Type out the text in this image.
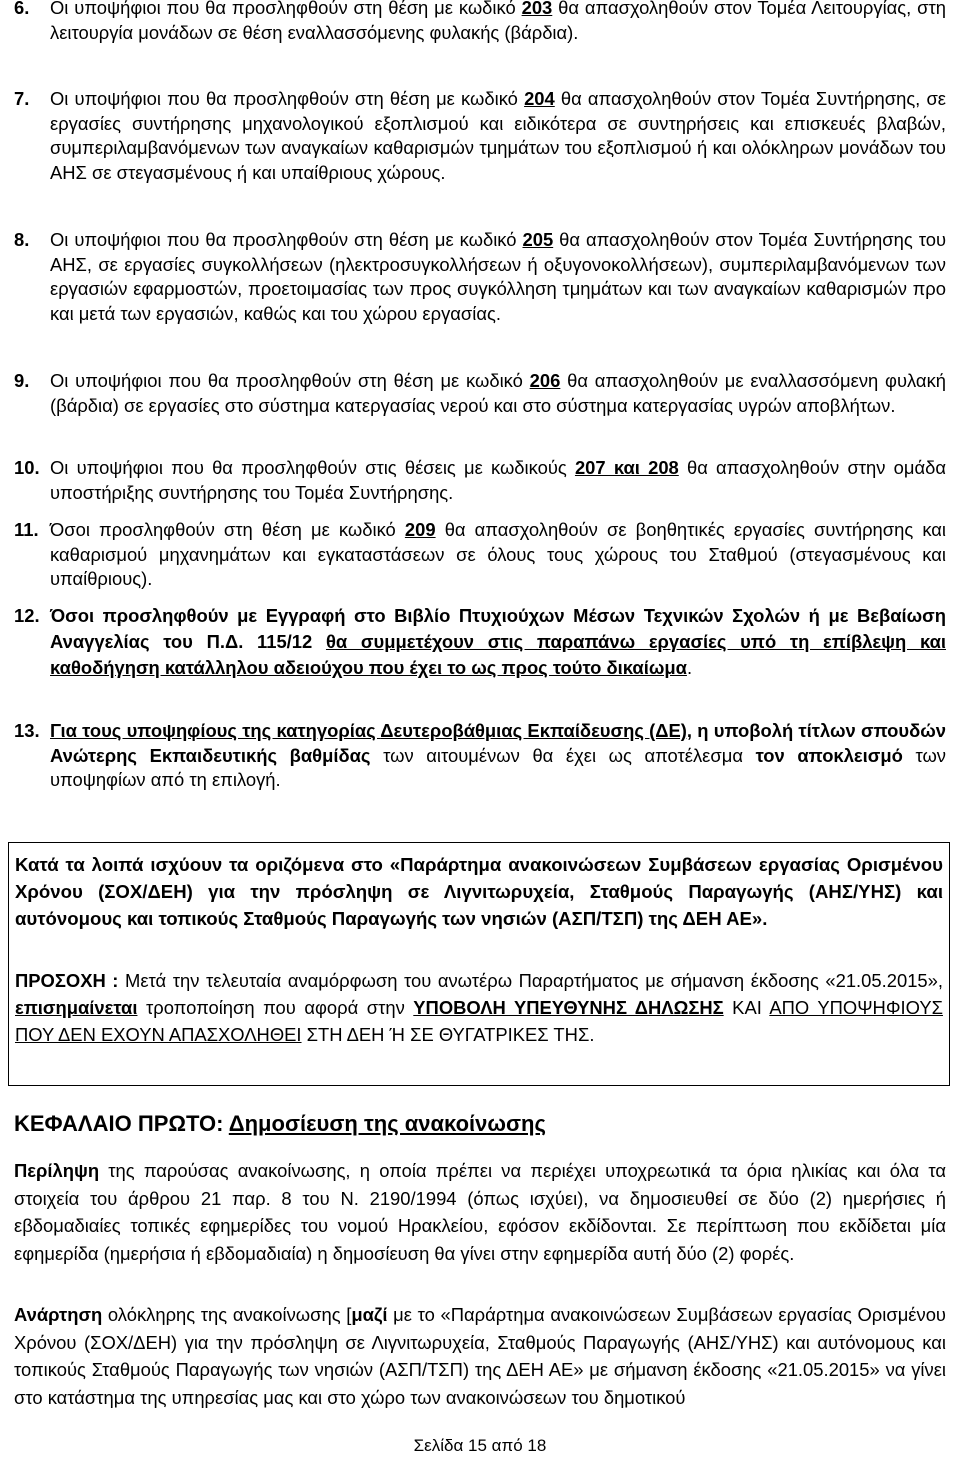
6. Οι υποψήφιοι που θα προσληφθούν στη θέση με κωδικό 203 θα απασχοληθούν στον Τομέα Λειτουργίας, στη λειτουργία μονάδων σε θέση εναλλασσόμενης φυλακής (βάρδια).
7. Οι υποψήφιοι που θα προσληφθούν στη θέση με κωδικό 204 θα απασχοληθούν στον Τομέα Συντήρησης, σε εργασίες συντήρησης μηχανολογικού εξοπλισμού και ειδικότερα σε συντηρήσεις και επισκευές βλαβών, συμπεριλαμβανόμενων των αναγκαίων καθαρισμών τμημάτων του εξοπλισμού ή και ολόκληρων μονάδων του ΑΗΣ σε στεγασμένους ή και υπαίθριους χώρους.
8. Οι υποψήφιοι που θα προσληφθούν στη θέση με κωδικό 205 θα απασχοληθούν στον Τομέα Συντήρησης του ΑΗΣ, σε εργασίες συγκολλήσεων (ηλεκτροσυγκολλήσεων ή οξυγονοκολλήσεων), συμπεριλαμβανόμενων των εργασιών εφαρμοστών, προετοιμασίας των προς συγκόλληση τμημάτων και των αναγκαίων καθαρισμών προ και μετά των εργασιών, καθώς και του χώρου εργασίας.
9. Οι υποψήφιοι που θα προσληφθούν στη θέση με κωδικό 206 θα απασχοληθούν με εναλλασσόμενη φυλακή (βάρδια) σε εργασίες στο σύστημα κατεργασίας νερού και στο σύστημα κατεργασίας υγρών αποβλήτων.
10. Οι υποψήφιοι που θα προσληφθούν στις θέσεις με κωδικούς 207 και 208 θα απασχοληθούν στην ομάδα υποστήριξης συντήρησης του Τομέα Συντήρησης.
11. Όσοι προσληφθούν στη θέση με κωδικό 209 θα απασχοληθούν σε βοηθητικές εργασίες συντήρησης και καθαρισμού μηχανημάτων και εγκαταστάσεων σε όλους τους χώρους του Σταθμού (στεγασμένους και υπαίθριους).
12. Όσοι προσληφθούν με Εγγραφή στο Βιβλίο Πτυχιούχων Μέσων Τεχνικών Σχολών ή με Βεβαίωση Αναγγελίας του Π.Δ. 115/12 θα συμμετέχουν στις παραπάνω εργασίες υπό τη επίβλεψη και καθοδήγηση κατάλληλου αδειούχου που έχει το ως προς τούτο δικαίωμα.
13. Για τους υποψηφίους της κατηγορίας Δευτεροβάθμιας Εκπαίδευσης (ΔΕ), η υποβολή τίτλων σπουδών Ανώτερης Εκπαιδευτικής βαθμίδας των αιτουμένων θα έχει ως αποτέλεσμα τον αποκλεισμό των υποψηφίων από τη επιλογή.
Κατά τα λοιπά ισχύουν τα οριζόμενα στο «Παράρτημα ανακοινώσεων Συμβάσεων εργασίας Ορισμένου Χρόνου (ΣΟΧ/ΔΕΗ) για την πρόσληψη σε Λιγνιτωρυχεία, Σταθμούς Παραγωγής (ΑΗΣ/ΥΗΣ) και αυτόνομους και τοπικούς Σταθμούς Παραγωγής των νησιών (ΑΣΠ/ΤΣΠ) της ΔΕΗ ΑΕ».
ΠΡΟΣΟΧΗ : Μετά την τελευταία αναμόρφωση του ανωτέρω Παραρτήματος με σήμανση έκδοσης «21.05.2015», επισημαίνεται τροποποίηση που αφορά στην ΥΠΟΒΟΛΗ ΥΠΕΥΘΥΝΗΣ ΔΗΛΩΣΗΣ ΚΑΙ ΑΠΟ ΥΠΟΨΗΦΙΟΥΣ ΠΟΥ ΔΕΝ ΕΧΟΥΝ ΑΠΑΣΧΟΛΗΘΕΙ ΣΤΗ ΔΕΗ Ή ΣΕ ΘΥΓΑΤΡΙΚΕΣ ΤΗΣ.
ΚΕΦΑΛΑΙΟ ΠΡΩΤΟ: Δημοσίευση της ανακοίνωσης
Περίληψη της παρούσας ανακοίνωσης, η οποία πρέπει να περιέχει υποχρεωτικά τα όρια ηλικίας και όλα τα στοιχεία του άρθρου 21 παρ. 8 του Ν. 2190/1994 (όπως ισχύει), να δημοσιευθεί σε δύο (2) ημερήσιες ή εβδομαδιαίες τοπικές εφημερίδες του νομού Ηρακλείου, εφόσον εκδίδονται. Σε περίπτωση που εκδίδεται μία εφημερίδα (ημερήσια ή εβδομαδιαία) η δημοσίευση θα γίνει στην εφημερίδα αυτή δύο (2) φορές.
Ανάρτηση ολόκληρης της ανακοίνωσης [μαζί με το «Παράρτημα ανακοινώσεων Συμβάσεων εργασίας Ορισμένου Χρόνου (ΣΟΧ/ΔΕΗ) για την πρόσληψη σε Λιγνιτωρυχεία, Σταθμούς Παραγωγής (ΑΗΣ/ΥΗΣ) και αυτόνομους και τοπικούς Σταθμούς Παραγωγής των νησιών (ΑΣΠ/ΤΣΠ) της ΔΕΗ ΑΕ» με σήμανση έκδοσης «21.05.2015» να γίνει στο κατάστημα της υπηρεσίας μας και στο χώρο των ανακοινώσεων του δημοτικού
Σελίδα 15 από 18
